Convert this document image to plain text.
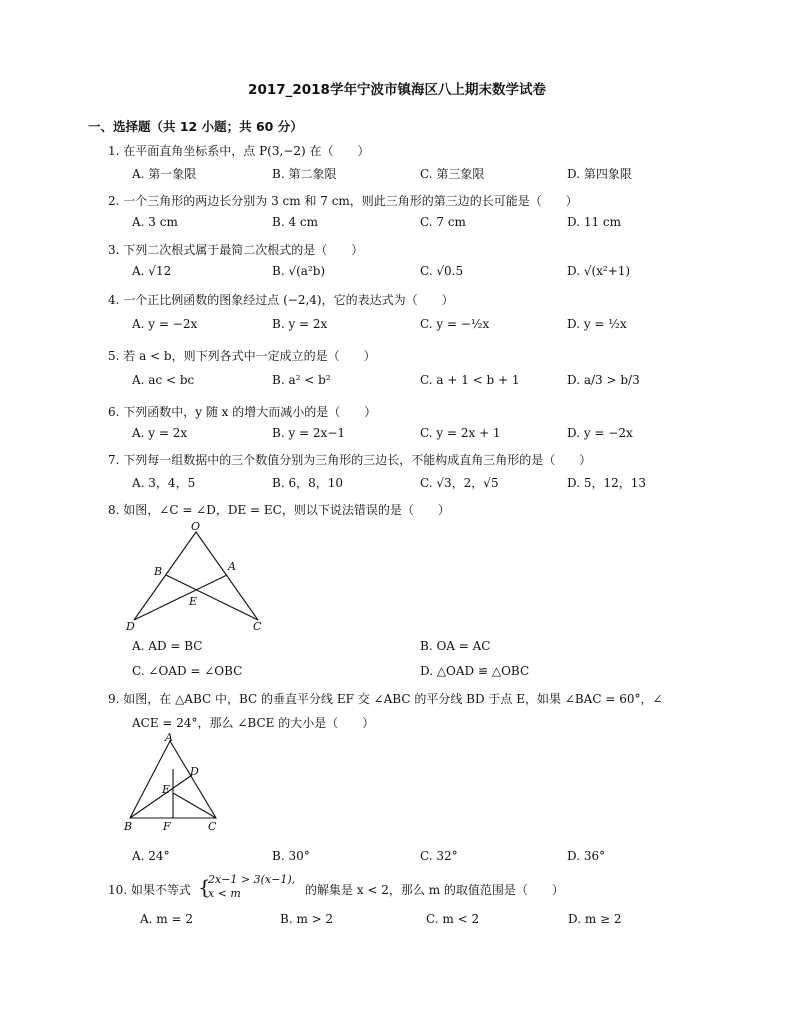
2017_2018学年宁波市镇海区八上期末数学试卷
一、选择题（共 12 小题；共 60 分）
1. 在平面直角坐标系中，点 P(3,−2) 在（　　）
A. 第一象限	B. 第二象限	C. 第三象限	D. 第四象限
2. 一个三角形的两边长分别为 3 cm 和 7 cm，则此三角形的第三边的长可能是（　　）
A. 3 cm	B. 4 cm	C. 7 cm	D. 11 cm
3. 下列二次根式属于最简二次根式的是（　　）
A. √12	B. √(a²b)	C. √0.5	D. √(x²+1)
4. 一个正比例函数的图象经过点 (−2,4)，它的表达式为（　　）
A. y = −2x	B. y = 2x	C. y = −½x	D. y = ½x
5. 若 a < b，则下列各式中一定成立的是（　　）
A. ac < bc	B. a² < b²	C. a + 1 < b + 1	D. a/3 > b/3
6. 下列函数中，y 随 x 的增大而减小的是（　　）
A. y = 2x	B. y = 2x−1	C. y = 2x + 1	D. y = −2x
7. 下列每一组数据中的三个数值分别为三角形的三边长，不能构成直角三角形的是（　　）
A. 3，4，5	B. 6，8，10	C. √3，2，√5	D. 5，12，13
8. 如图，∠C = ∠D，DE = EC，则以下说法错误的是（　　）
O
B	A
E
D	C
A. AD = BC	B. OA = AC
C. ∠OAD = ∠OBC	D. △OAD ≌ △OBC
9. 如图，在 △ABC 中，BC 的垂直平分线 EF 交 ∠ABC 的平分线 BD 于点 E，如果 ∠BAC = 60°，∠
ACE = 24°，那么 ∠BCE 的大小是（　　）
A
D
E
B	F	C
A. 24°	B. 30°	C. 32°	D. 36°
10. 如果不等式 {
2x−1 > 3(x−1),
x < m	的解集是 x < 2，那么 m 的取值范围是（　　）
A. m = 2	B. m > 2	C. m < 2	D. m ≥ 2
